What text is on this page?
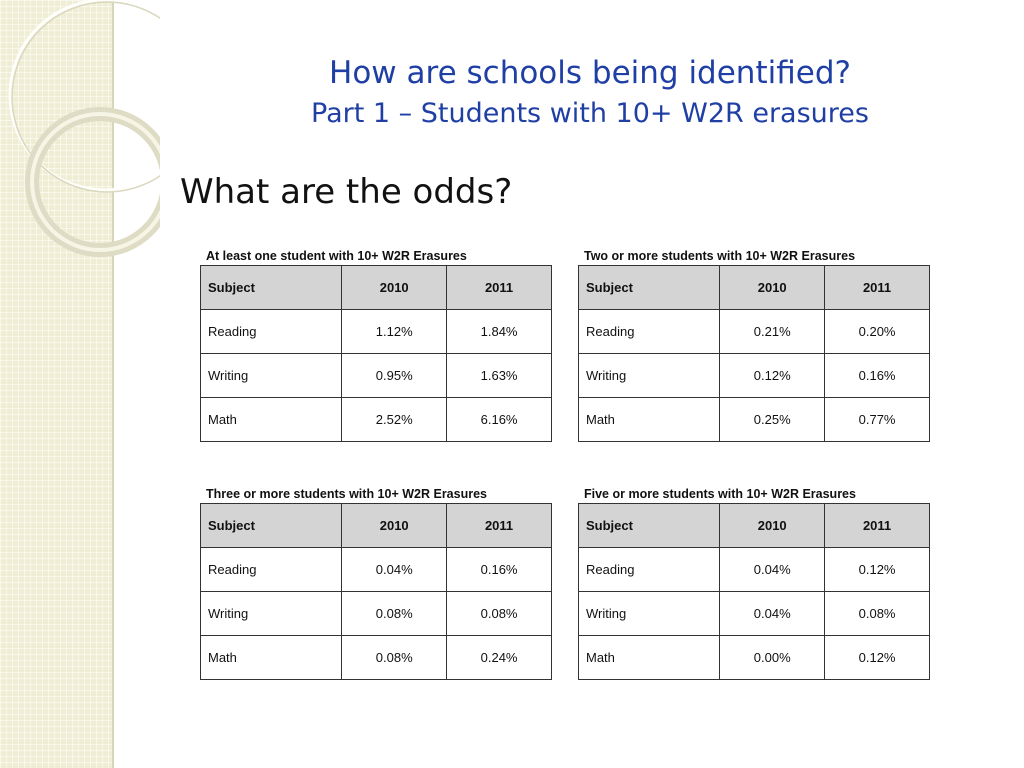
How are schools being identified?
Part 1 – Students with 10+ W2R erasures
What are the odds?
At least one student with 10+ W2R Erasures
Subject	2010	2011
Reading	1.12%	1.84%
Writing	0.95%	1.63%
Math	2.52%	6.16%
Two or more students with 10+ W2R Erasures
Subject	2010	2011
Reading	0.21%	0.20%
Writing	0.12%	0.16%
Math	0.25%	0.77%
Three or more students with 10+ W2R Erasures
Subject	2010	2011
Reading	0.04%	0.16%
Writing	0.08%	0.08%
Math	0.08%	0.24%
Five or more students with 10+ W2R Erasures
Subject	2010	2011
Reading	0.04%	0.12%
Writing	0.04%	0.08%
Math	0.00%	0.12%
